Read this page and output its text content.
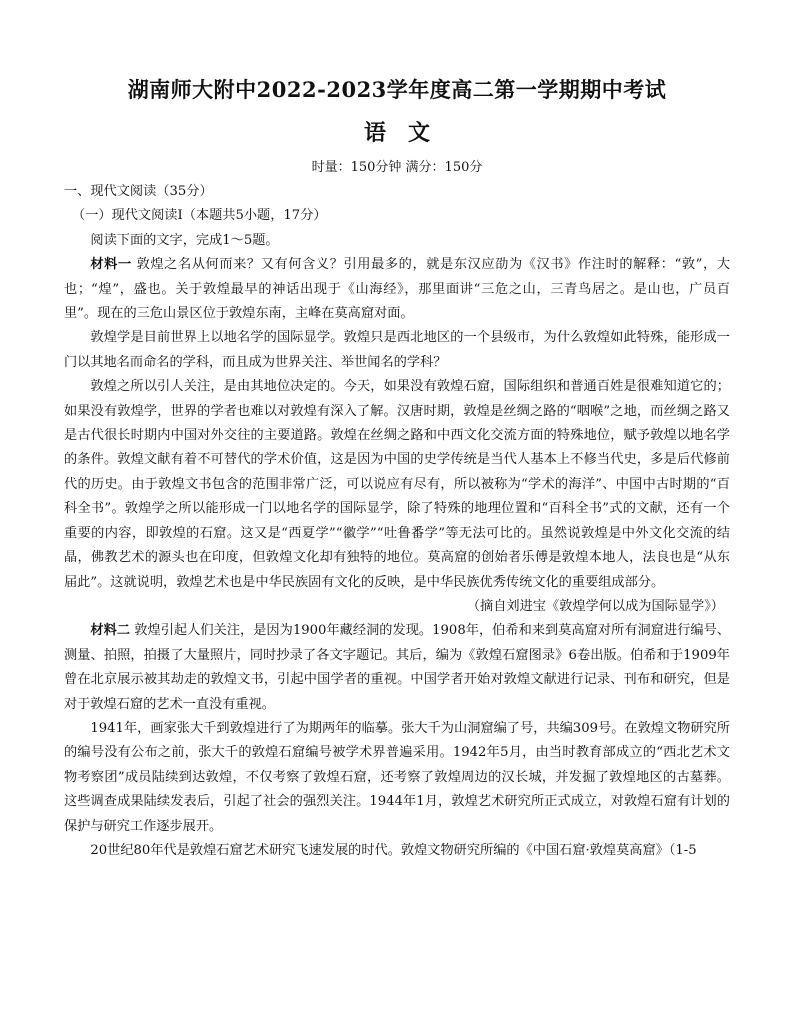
湖南师大附中2022-2023学年度高二第一学期期中考试
语文
时量：150分钟 满分：150分

一、现代文阅读（35分）

（一）现代文阅读Ⅰ（本题共5小题，17分）

阅读下面的文字，完成1～5题。

材料一 敦煌之名从何而来？又有何含义？引用最多的，就是东汉应劭为《汉书》作注时的解释：“敦”，大也；“煌”，盛也。关于敦煌最早的神话出现于《山海经》，那里面讲“三危之山，三青鸟居之。是山也，广员百里”。现在的三危山景区位于敦煌东南，主峰在莫高窟对面。

敦煌学是目前世界上以地名学的国际显学。敦煌只是西北地区的一个县级市，为什么敦煌如此特殊，能形成一门以其地名而命名的学科，而且成为世界关注、举世闻名的学科？

敦煌之所以引人关注，是由其地位决定的。今天，如果没有敦煌石窟，国际组织和普通百姓是很难知道它的；如果没有敦煌学，世界的学者也难以对敦煌有深入了解。汉唐时期，敦煌是丝绸之路的“咽喉”之地，而丝绸之路又是古代很长时期内中国对外交往的主要道路。敦煌在丝绸之路和中西文化交流方面的特殊地位，赋予敦煌以地名学的条件。敦煌文献有着不可替代的学术价值，这是因为中国的史学传统是当代人基本上不修当代史，多是后代修前代的历史。由于敦煌文书包含的范围非常广泛，可以说应有尽有，所以被称为“学术的海洋”、中国中古时期的“百科全书”。敦煌学之所以能形成一门以地名学的国际显学，除了特殊的地理位置和“百科全书”式的文献，还有一个重要的内容，即敦煌的石窟。这又是“西夏学”“徽学”“吐鲁番学”等无法可比的。虽然说敦煌是中外文化交流的结晶，佛教艺术的源头也在印度，但敦煌文化却有独特的地位。莫高窟的创始者乐傅是敦煌本地人，法良也是“从东届此”。这就说明，敦煌艺术也是中华民族固有文化的反映，是中华民族优秀传统文化的重要组成部分。

（摘自刘进宝《敦煌学何以成为国际显学》）

材料二 敦煌引起人们关注，是因为1900年藏经洞的发现。1908年，伯希和来到莫高窟对所有洞窟进行编号、测量、拍照，拍摄了大量照片，同时抄录了各文字题记。其后，编为《敦煌石窟图录》6卷出版。伯希和于1909年曾在北京展示被其劫走的敦煌文书，引起中国学者的重视。中国学者开始对敦煌文献进行记录、刊布和研究，但是对于敦煌石窟的艺术一直没有重视。

1941年，画家张大千到敦煌进行了为期两年的临摹。张大千为山洞窟编了号，共编309号。在敦煌文物研究所的编号没有公布之前，张大千的敦煌石窟编号被学术界普遍采用。1942年5月，由当时教育部成立的“西北艺术文物考察团”成员陆续到达敦煌，不仅考察了敦煌石窟，还考察了敦煌周边的汉长城，并发掘了敦煌地区的古墓葬。这些调查成果陆续发表后，引起了社会的强烈关注。1944年1月，敦煌艺术研究所正式成立，对敦煌石窟有计划的保护与研究工作逐步展开。

20世纪80年代是敦煌石窟艺术研究飞速发展的时代。敦煌文物研究所编的《中国石窟·敦煌莫高窟》（1-5
